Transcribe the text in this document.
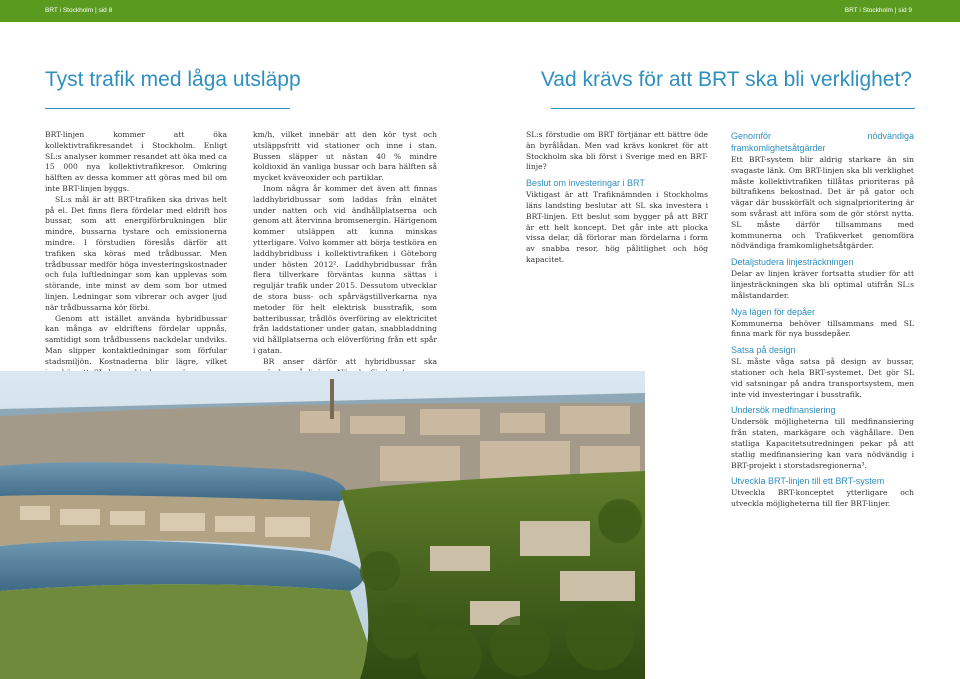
BRT i Stockholm | sid 8	BRT i Stockholm | sid 9
Tyst trafik med låga utsläpp	Vad krävs för att BRT ska bli verklighet?

BRT-linjen kommer att öka kollektivtrafikresandet i Stockholm. Enligt SL:s analyser kommer resandet att öka med ca 15 000 nya kollektivtrafikresor. Omkring hälften av dessa kommer att göras med bil om inte BRT-linjen byggs.

SL:s mål är att BRT-trafiken ska drivas helt på el. Det finns flera fördelar med eldrift hos bussar, som att energiförbrukningen blir mindre, bussarna tystare och emissionerna mindre. I förstudien föreslås därför att trafiken ska köras med trådbussar. Men trådbussar medför höga investeringskostnader och fula luftledningar som kan upplevas som störande, inte minst av dem som bor utmed linjen. Ledningar som vibrerar och avger ljud när trådbussarna kör förbi.

Genom att istället använda hybridbussar kan många av eldriftens fördelar uppnås, samtidigt som trådbussens nackdelar undviks. Man slipper kontaktledningar som förfular stadsmiljön. Kostnaderna blir lägre, vilket

km/h, vilket innebär att den kör tyst och utsläppsfritt vid stationer och inne i stan. Bussen släpper ut nästan 40 % mindre koldioxid än vanliga bussar och bara hälften så mycket kväveoxider och partiklar.

Inom några år kommer det även att finnas laddhybridbussar som laddas från elnätet under natten och vid ändhållplatserna och genom att återvinna bromsenergin. Härigenom kommer utsläppen att kunna minskas ytterligare. Volvo kommer att börja testköra en laddhybridbuss i kollektivtrafiken i Göteborg under hösten 2012². Laddhybridbussar från flera tillverkare förväntas kunna sättas i reguljär trafik under 2015. Dessutom utvecklar de stora buss- och spårvägstillverkarna nya metoder för helt elektrisk busstrafik, som batteribussar, trådlös överföring av elektricitet från laddstationer under gatan, snabbladdning vid hållplatserna och elöverföring från ett spår i gatan.

BR anser därför att hybridbussar ska

SL:s förstudie om BRT förtjänar ett bättre öde än byrålådan. Men vad krävs konkret för att Stockholm ska bli först i Sverige med en BRT-linje?

Beslut om investeringar i BRT

Viktigast är att Trafiknämnden i Stockholms läns landsting beslutar att SL ska investera i BRT-linjen. Ett beslut som bygger på att BRT är ett helt koncept. Det går inte att plocka vissa delar, då förlorar man fördelarna i form av snabba resor, hög pålitlighet och hög kapacitet.

Genomför nödvändiga framkomlighetsåtgärder

Ett BRT-system blir aldrig starkare än sin svagaste länk. Om BRT-linjen ska bli verklighet måste kollektivtrafiken tillåtas prioriteras på biltrafikens bekostnad. Det är på gator och vägar där busskörfält och signalprioritering är som svårast att införa som de gör störst nytta. SL måste därför tillsammans med kommunerna och Trafikverket genomföra nödvändiga framkomlighetsåtgärder.

Detaljstudera linjesträckningen

Delar av linjen kräver fortsatta studier för att linjesträckningen ska bli optimal utifrån SL:s målstandarder.

Nya lägen för depåer

Kommunerna behöver tillsammans med SL finna mark för nya bussdepåer.

Satsa på design

SL måste våga satsa på design av bussar, stationer och hela BRT-systemet. Det gör SL vid satsningar på andra transportsystem, men inte vid investeringar i busstrafik.

Undersök medfinansiering

Undersök möjligheterna till medfinansiering från staten, markägare och väghållare. Den statliga Kapacitetsutredningen pekar på att statlig medfinansiering kan vara nödvändig i BRT-projekt i storstadsregionerna³.

Utveckla BRT-linjen till ett BRT-system

Utveckla BRT-konceptet ytterligare och utveckla möjligheterna till fler BRT-linjer.
